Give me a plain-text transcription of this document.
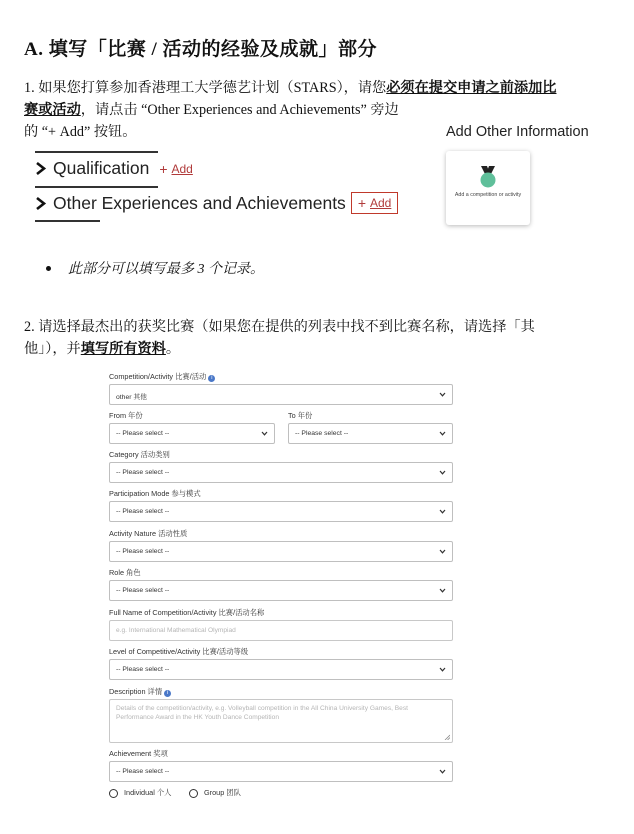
A. 填写「比赛 / 活动的经验及成就」部分
1. 如果您打算参加香港理工大学德艺计划（STARS），请您必须在提交申请之前添加比
赛或活动，请点击 “Other Experiences and Achievements” 旁边
的 “+ Add” 按钮。
Qualification + Add
Other Experiences and Achievements + Add
Add Other Information
Add a competition or activity
此部分可以填写最多 3 个记录。
2. 请选择最杰出的获奖比赛（如果您在提供的列表中找不到比赛名称，请选择「其
他」），并填写所有资料。
Competition/Activity 比赛/活动 i
other 其他
From 年份	To 年份
-- Please select --	-- Please select --
Category 活动类别
-- Please select --
Participation Mode 参与模式
-- Please select --
Activity Nature 活动性质
-- Please select --
Role 角色
-- Please select --
Full Name of Competition/Activity 比赛/活动名称
e.g. International Mathematical Olympiad
Level of Competitive/Activity 比赛/活动等级
-- Please select --
Description 详情 i
Details of the competition/activity, e.g. Volleyball competition in the All China University Games, Best Performance Award in the HK Youth Dance Competition
Achievement 奖项
-- Please select --
Individual 个人	Group 团队
